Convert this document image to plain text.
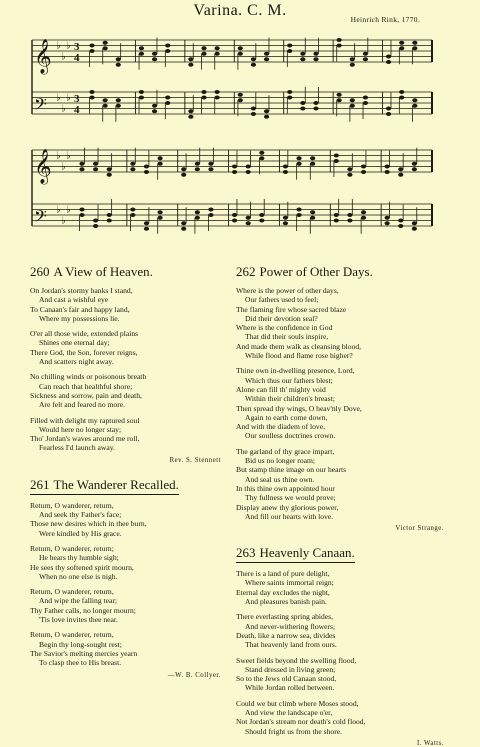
Varina. C. M.
Heinrich Rink, 1770.
𝄞 ♭
♭
♭ 3
4
𝄢 ♭
♭
♭ 3
4
𝄞 ♭
♭
♭
𝄢 ♭
♭
♭
260 A View of Heaven.
On Jordan's stormy banks I stand,
And cast a wishful eye
To Canaan's fair and happy land,
Where my possessions lie.
O'er all those wide, extended plains
Shines one eternal day;
There God, the Son, forever reigns,
And scatters night away.
No chilling winds or poisonous breath
Can reach that healthful shore;
Sickness and sorrow, pain and death,
Are felt and feared no more.
Filled with delight my raptured soul
Would here no longer stay;
Tho' Jordan's waves around me roll,
Fearless I'd launch away.
Rev. S. Stennett
261 The Wanderer Recalled.
Return, O wanderer, return,
And seek thy Father's face;
Those new desires which in thee burn,
Were kindled by His grace.
Return, O wanderer, return;
He hears thy humble sigh;
He sees thy softened spirit mourn,
When no one else is nigh.
Return, O wanderer, return,
And wipe the falling tear;
Thy Father calls, no longer mourn;
'Tis love invites thee near.
Return, O wanderer, return,
Begin thy long-sought rest;
The Savior's melting mercies yearn
To clasp thee to His breast.
—W. B. Collyer.
262 Power of Other Days.
Where is the power of other days,
Our fathers used to feel;
The flaming fire whose sacred blaze
Did their devotion seal?
Where is the confidence in God
That did their souls inspire,
And made them walk as cleansing blood,
While flood and flame rose higher?
Thine own in-dwelling presence, Lord,
Which thus our fathers blest;
Alone can fill th' mighty void
Within their children's breast;
Then spread thy wings, O heav'nly Dove,
Again to earth come down,
And with the diadem of love,
Our soulless doctrines crown.
The garland of thy grace impart,
Bid us no longer roam;
But stamp thine image on our hearts
And seal us thine own.
In this thine own appointed hour
Thy fullness we would prove;
Display anew thy glorious power,
And fill our hearts with love.
Victor Strange.
263 Heavenly Canaan.
There is a land of pure delight,
Where saints immortal reign;
Eternal day excludes the night,
And pleasures banish pain.
There everlasting spring abides,
And never-withering flowers;
Death, like a narrow sea, divides
That heavenly land from ours.
Sweet fields beyond the swelling flood,
Stand dressed in living green;
So to the Jews old Canaan stood,
While Jordan rolled between.
Could we but climb where Moses stood,
And view the landscape o'er,
Not Jordan's stream nor death's cold flood,
Should fright us from the shore.
I. Watts.
